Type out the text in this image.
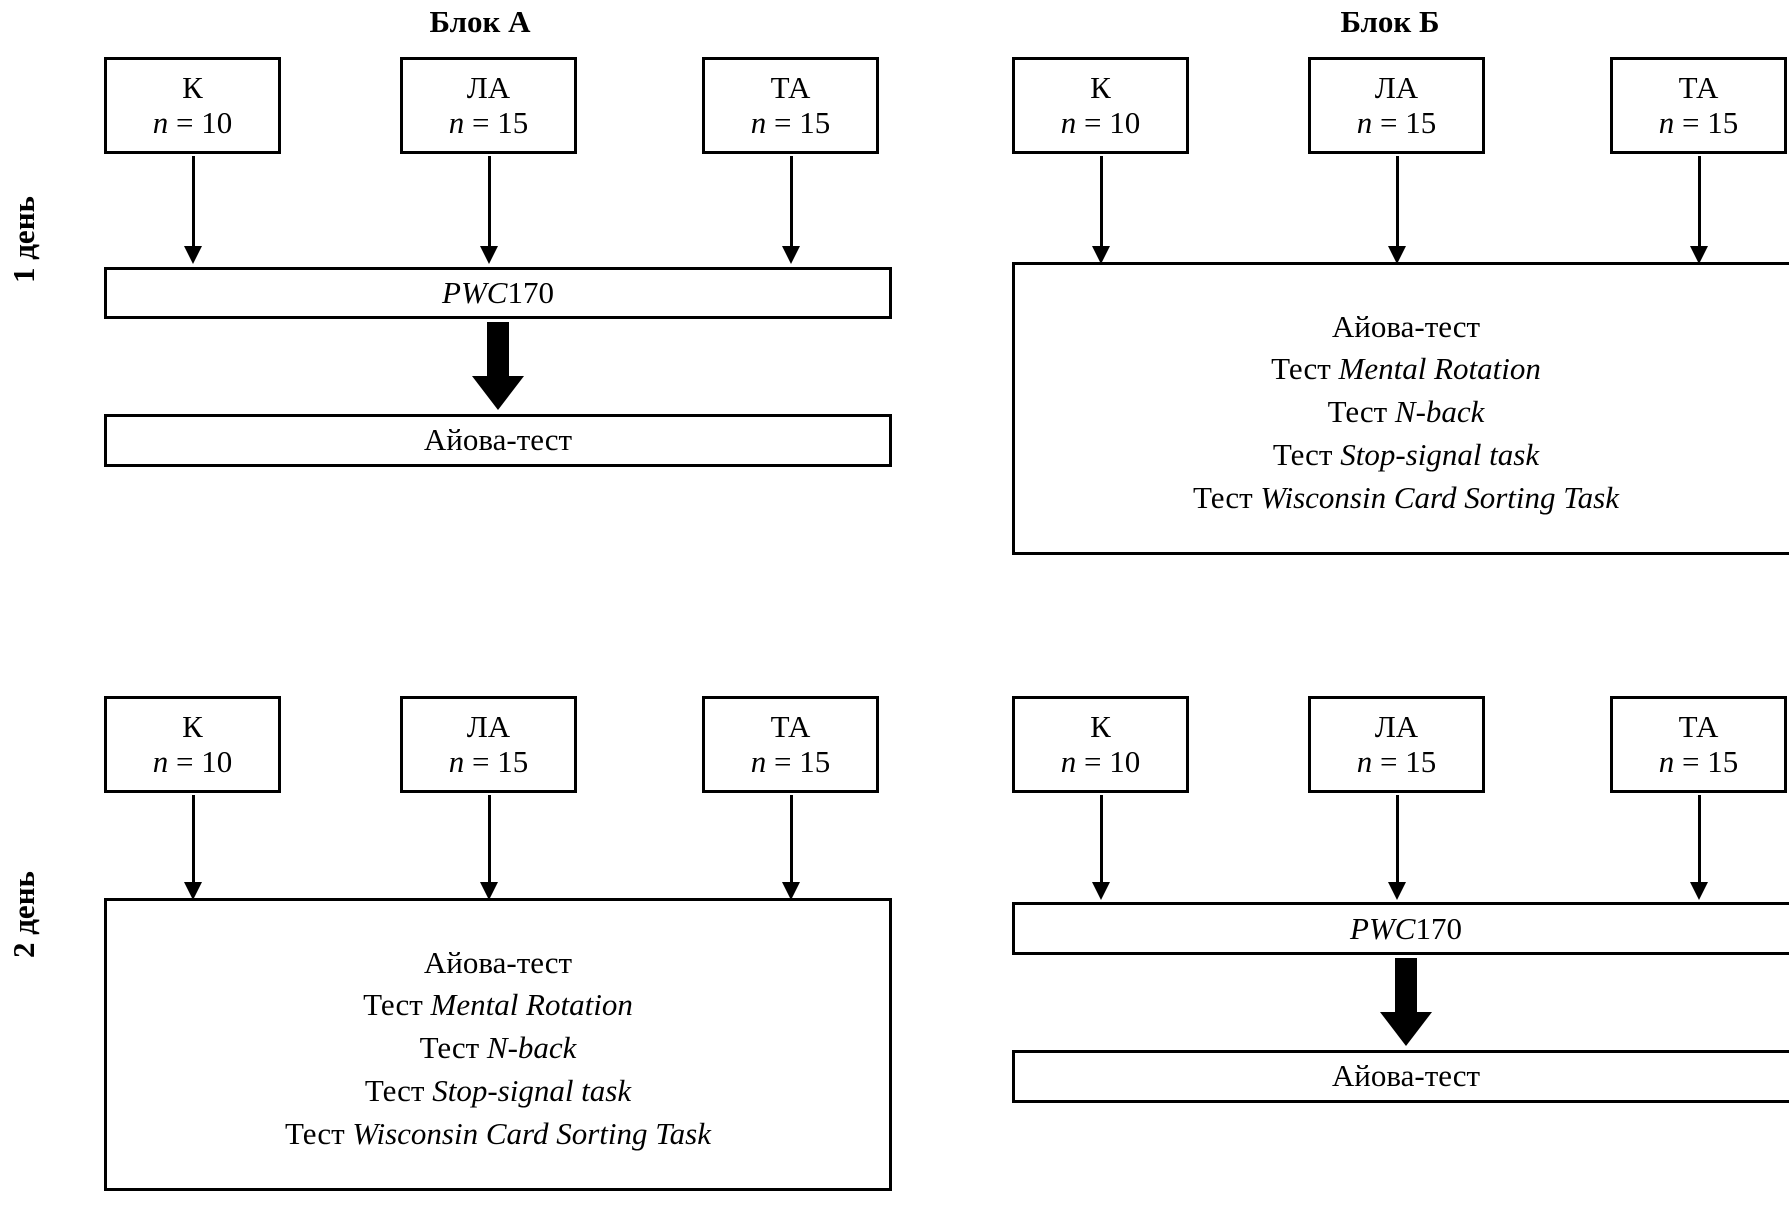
Блок А	Блок Б
1 день
2 день
К
n = 10
ЛА
n = 15
ТА
n = 15
PWC170
Айова-тест
К
n = 10
ЛА
n = 15
ТА
n = 15
Айова-тест
Тест Mental Rotation
Тест N-back
Тест Stop-signal task
Тест Wisconsin Card Sorting Task
К
n = 10
ЛА
n = 15
ТА
n = 15
Айова-тест
Тест Mental Rotation
Тест N-back
Тест Stop-signal task
Тест Wisconsin Card Sorting Task
К
n = 10
ЛА
n = 15
ТА
n = 15
PWC170
Айова-тест
